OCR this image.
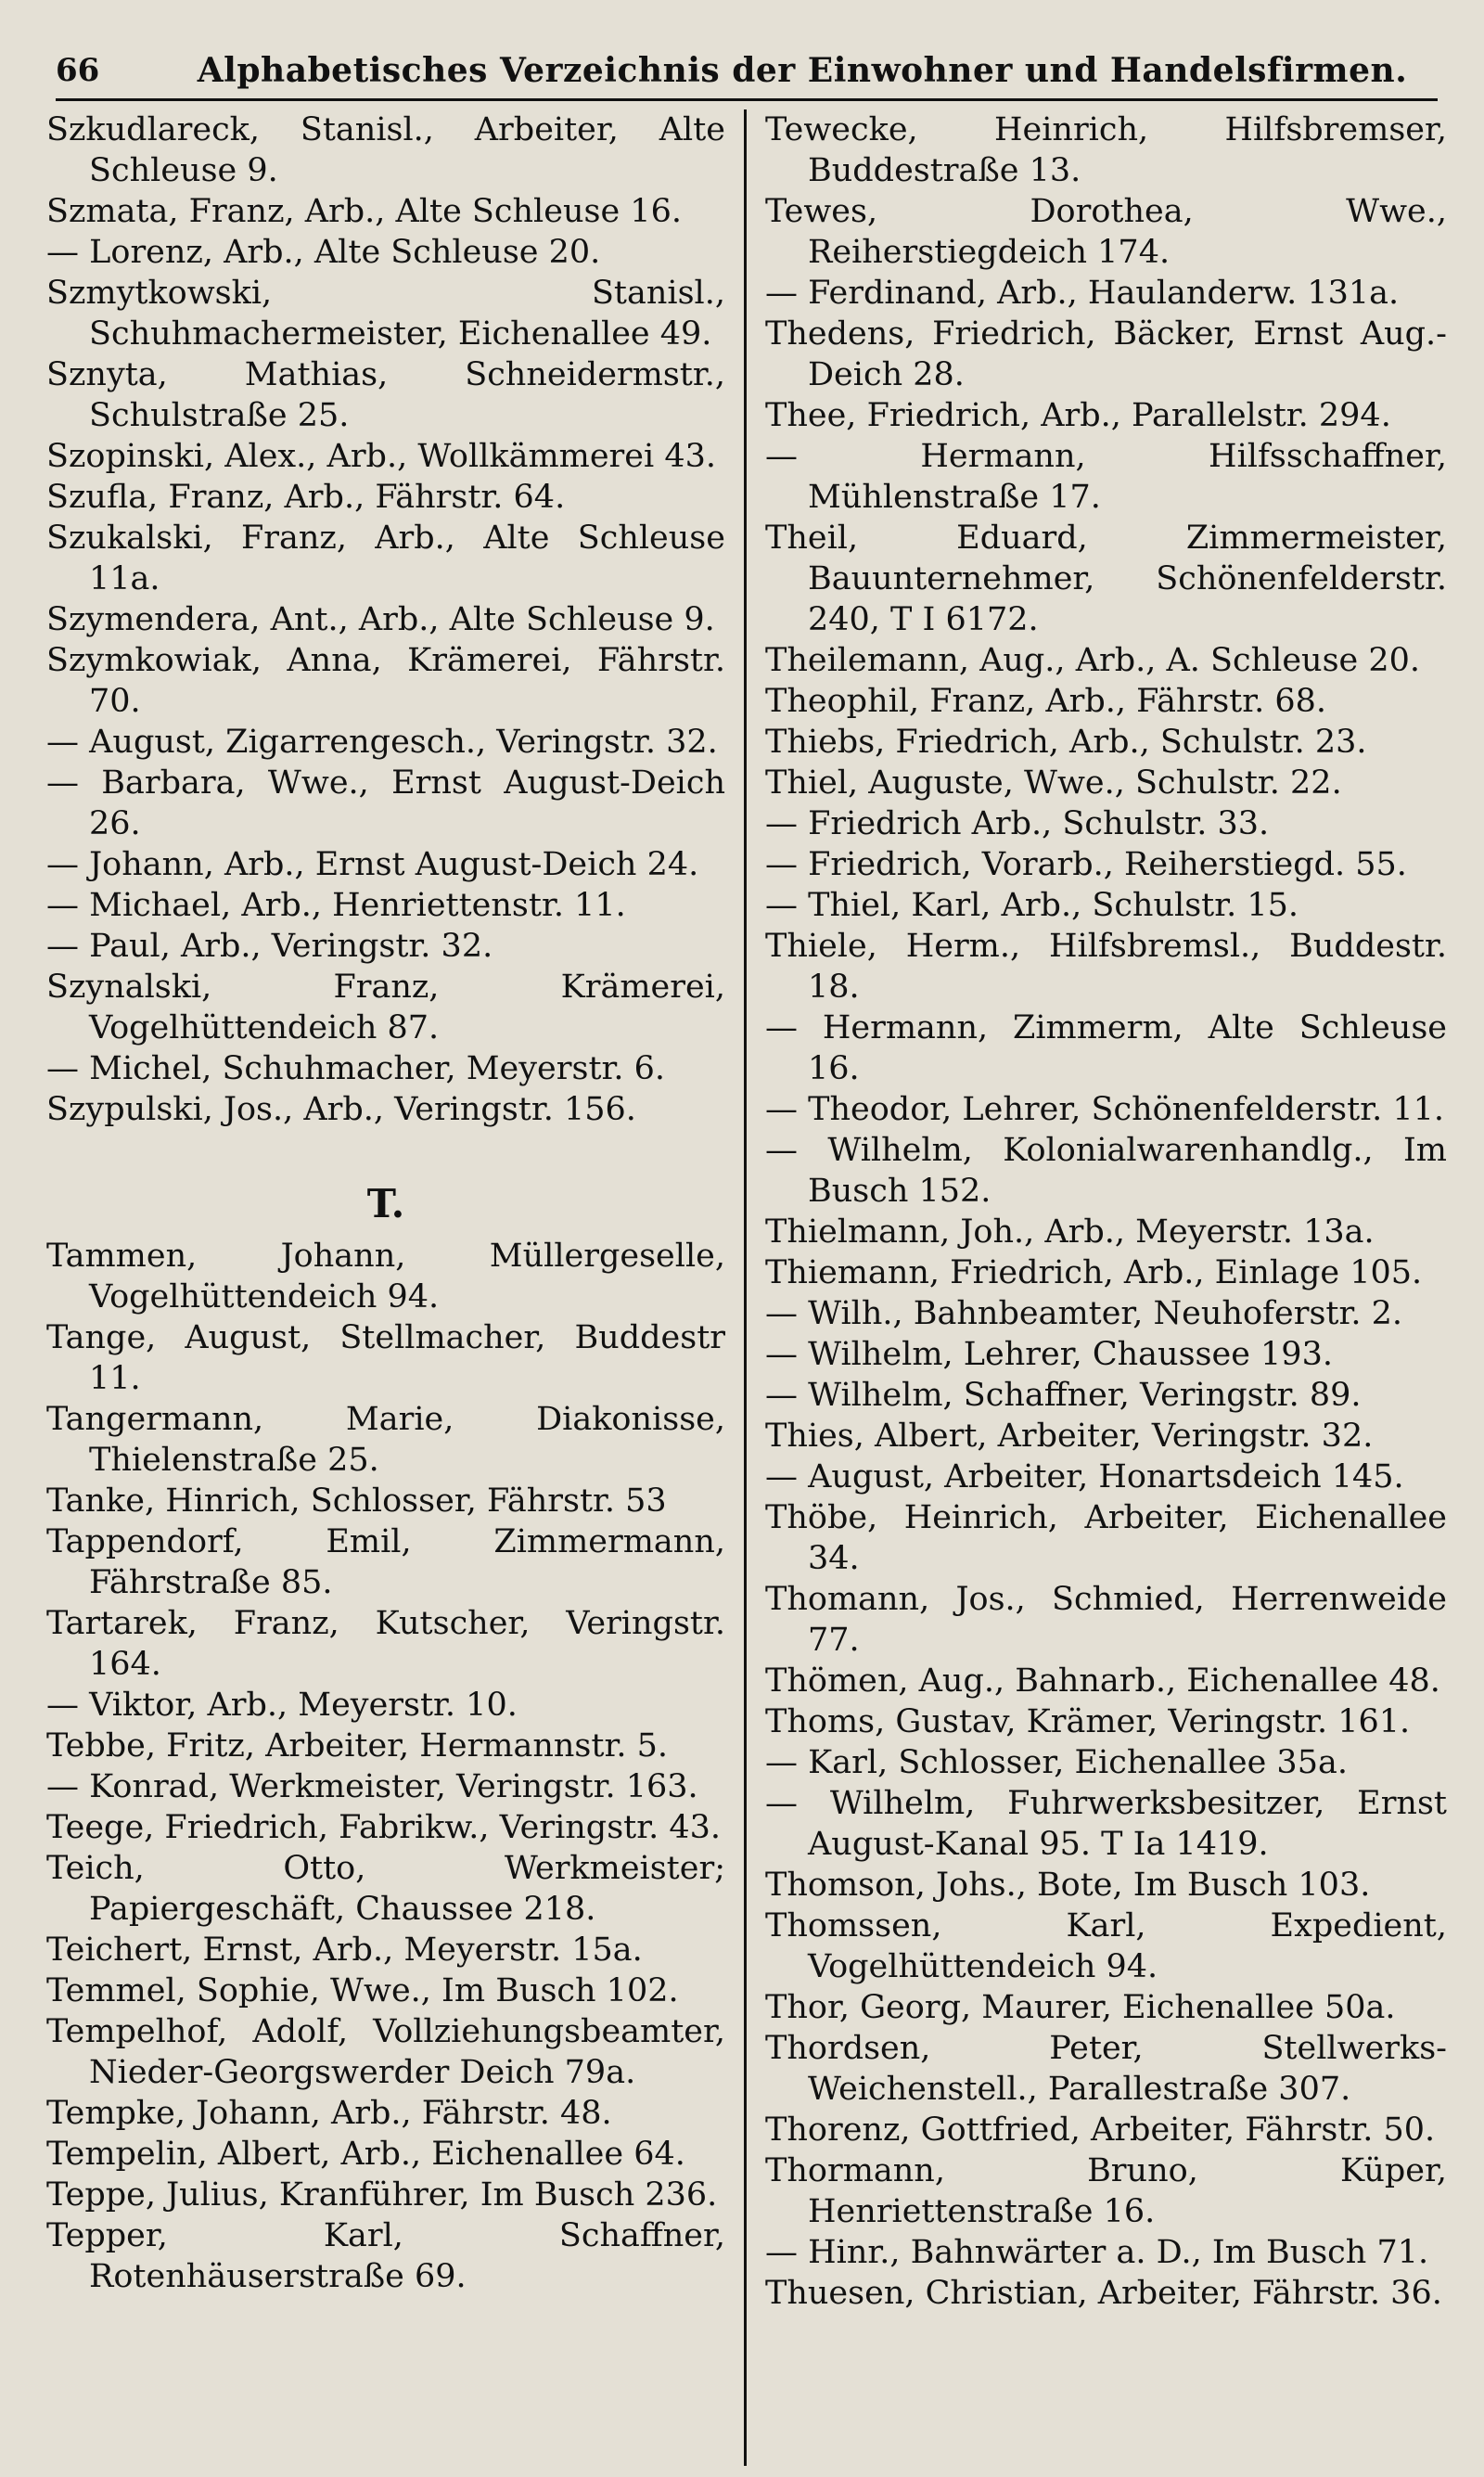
66	Alphabetisches Verzeichnis der Einwohner und Handelsfirmen.

Szkudlareck, Stanisl., Arbeiter, Alte Schleuse 9.

Szmata, Franz, Arb., Alte Schleuse 16.

— Lorenz, Arb., Alte Schleuse 20.

Szmytkowski, Stanisl., Schuhmachermeister, Eichenallee 49.

Sznyta, Mathias, Schneidermstr., Schulstraße 25.

Szopinski, Alex., Arb., Wollkämmerei 43.

Szufla, Franz, Arb., Fährstr. 64.

Szukalski, Franz, Arb., Alte Schleuse 11a.

Szymendera, Ant., Arb., Alte Schleuse 9.

Szymkowiak, Anna, Krämerei, Fährstr. 70.

— August, Zigarrengesch., Veringstr. 32.

— Barbara, Wwe., Ernst August-Deich 26.

— Johann, Arb., Ernst August-Deich 24.

— Michael, Arb., Henriettenstr. 11.

— Paul, Arb., Veringstr. 32.

Szynalski, Franz, Krämerei, Vogelhüttendeich 87.

— Michel, Schuhmacher, Meyerstr. 6.

Szypulski, Jos., Arb., Veringstr. 156.

T.

Tammen, Johann, Müllergeselle, Vogelhüttendeich 94.

Tange, August, Stellmacher, Buddestr 11.

Tangermann, Marie, Diakonisse, Thielenstraße 25.

Tanke, Hinrich, Schlosser, Fährstr. 53

Tappendorf, Emil, Zimmermann, Fährstraße 85.

Tartarek, Franz, Kutscher, Veringstr. 164.

— Viktor, Arb., Meyerstr. 10.

Tebbe, Fritz, Arbeiter, Hermannstr. 5.

— Konrad, Werkmeister, Veringstr. 163.

Teege, Friedrich, Fabrikw., Veringstr. 43.

Teich, Otto, Werkmeister; Papiergeschäft, Chaussee 218.

Teichert, Ernst, Arb., Meyerstr. 15a.

Temmel, Sophie, Wwe., Im Busch 102.

Tempelhof, Adolf, Vollziehungsbeamter, Nieder-Georgswerder Deich 79a.

Tempke, Johann, Arb., Fährstr. 48.

Tempelin, Albert, Arb., Eichenallee 64.

Teppe, Julius, Kranführer, Im Busch 236.

Tepper, Karl, Schaffner, Rotenhäuserstraße 69.

Tewecke, Heinrich, Hilfsbremser, Buddestraße 13.

Tewes, Dorothea, Wwe., Reiherstiegdeich 174.

— Ferdinand, Arb., Haulanderw. 131a.

Thedens, Friedrich, Bäcker, Ernst Aug.-Deich 28.

Thee, Friedrich, Arb., Parallelstr. 294.

— Hermann, Hilfsschaffner, Mühlenstraße 17.

Theil, Eduard, Zimmermeister, Bauunternehmer, Schönenfelderstr. 240, T I 6172.

Theilemann, Aug., Arb., A. Schleuse 20.

Theophil, Franz, Arb., Fährstr. 68.

Thiebs, Friedrich, Arb., Schulstr. 23.

Thiel, Auguste, Wwe., Schulstr. 22.

— Friedrich Arb., Schulstr. 33.

— Friedrich, Vorarb., Reiherstiegd. 55.

— Thiel, Karl, Arb., Schulstr. 15.

Thiele, Herm., Hilfsbremsl., Buddestr. 18.

— Hermann, Zimmerm, Alte Schleuse 16.

— Theodor, Lehrer, Schönenfelderstr. 11.

— Wilhelm, Kolonialwarenhandlg., Im Busch 152.

Thielmann, Joh., Arb., Meyerstr. 13a.

Thiemann, Friedrich, Arb., Einlage 105.

— Wilh., Bahnbeamter, Neuhoferstr. 2.

— Wilhelm, Lehrer, Chaussee 193.

— Wilhelm, Schaffner, Veringstr. 89.

Thies, Albert, Arbeiter, Veringstr. 32.

— August, Arbeiter, Honartsdeich 145.

Thöbe, Heinrich, Arbeiter, Eichenallee 34.

Thomann, Jos., Schmied, Herrenweide 77.

Thömen, Aug., Bahnarb., Eichenallee 48.

Thoms, Gustav, Krämer, Veringstr. 161.

— Karl, Schlosser, Eichenallee 35a.

— Wilhelm, Fuhrwerksbesitzer, Ernst August-Kanal 95. T Ia 1419.

Thomson, Johs., Bote, Im Busch 103.

Thomssen, Karl, Expedient, Vogelhüttendeich 94.

Thor, Georg, Maurer, Eichenallee 50a.

Thordsen, Peter, Stellwerks-Weichenstell., Parallestraße 307.

Thorenz, Gottfried, Arbeiter, Fährstr. 50.

Thormann, Bruno, Küper, Henriettenstraße 16.

— Hinr., Bahnwärter a. D., Im Busch 71.

Thuesen, Christian, Arbeiter, Fährstr. 36.
